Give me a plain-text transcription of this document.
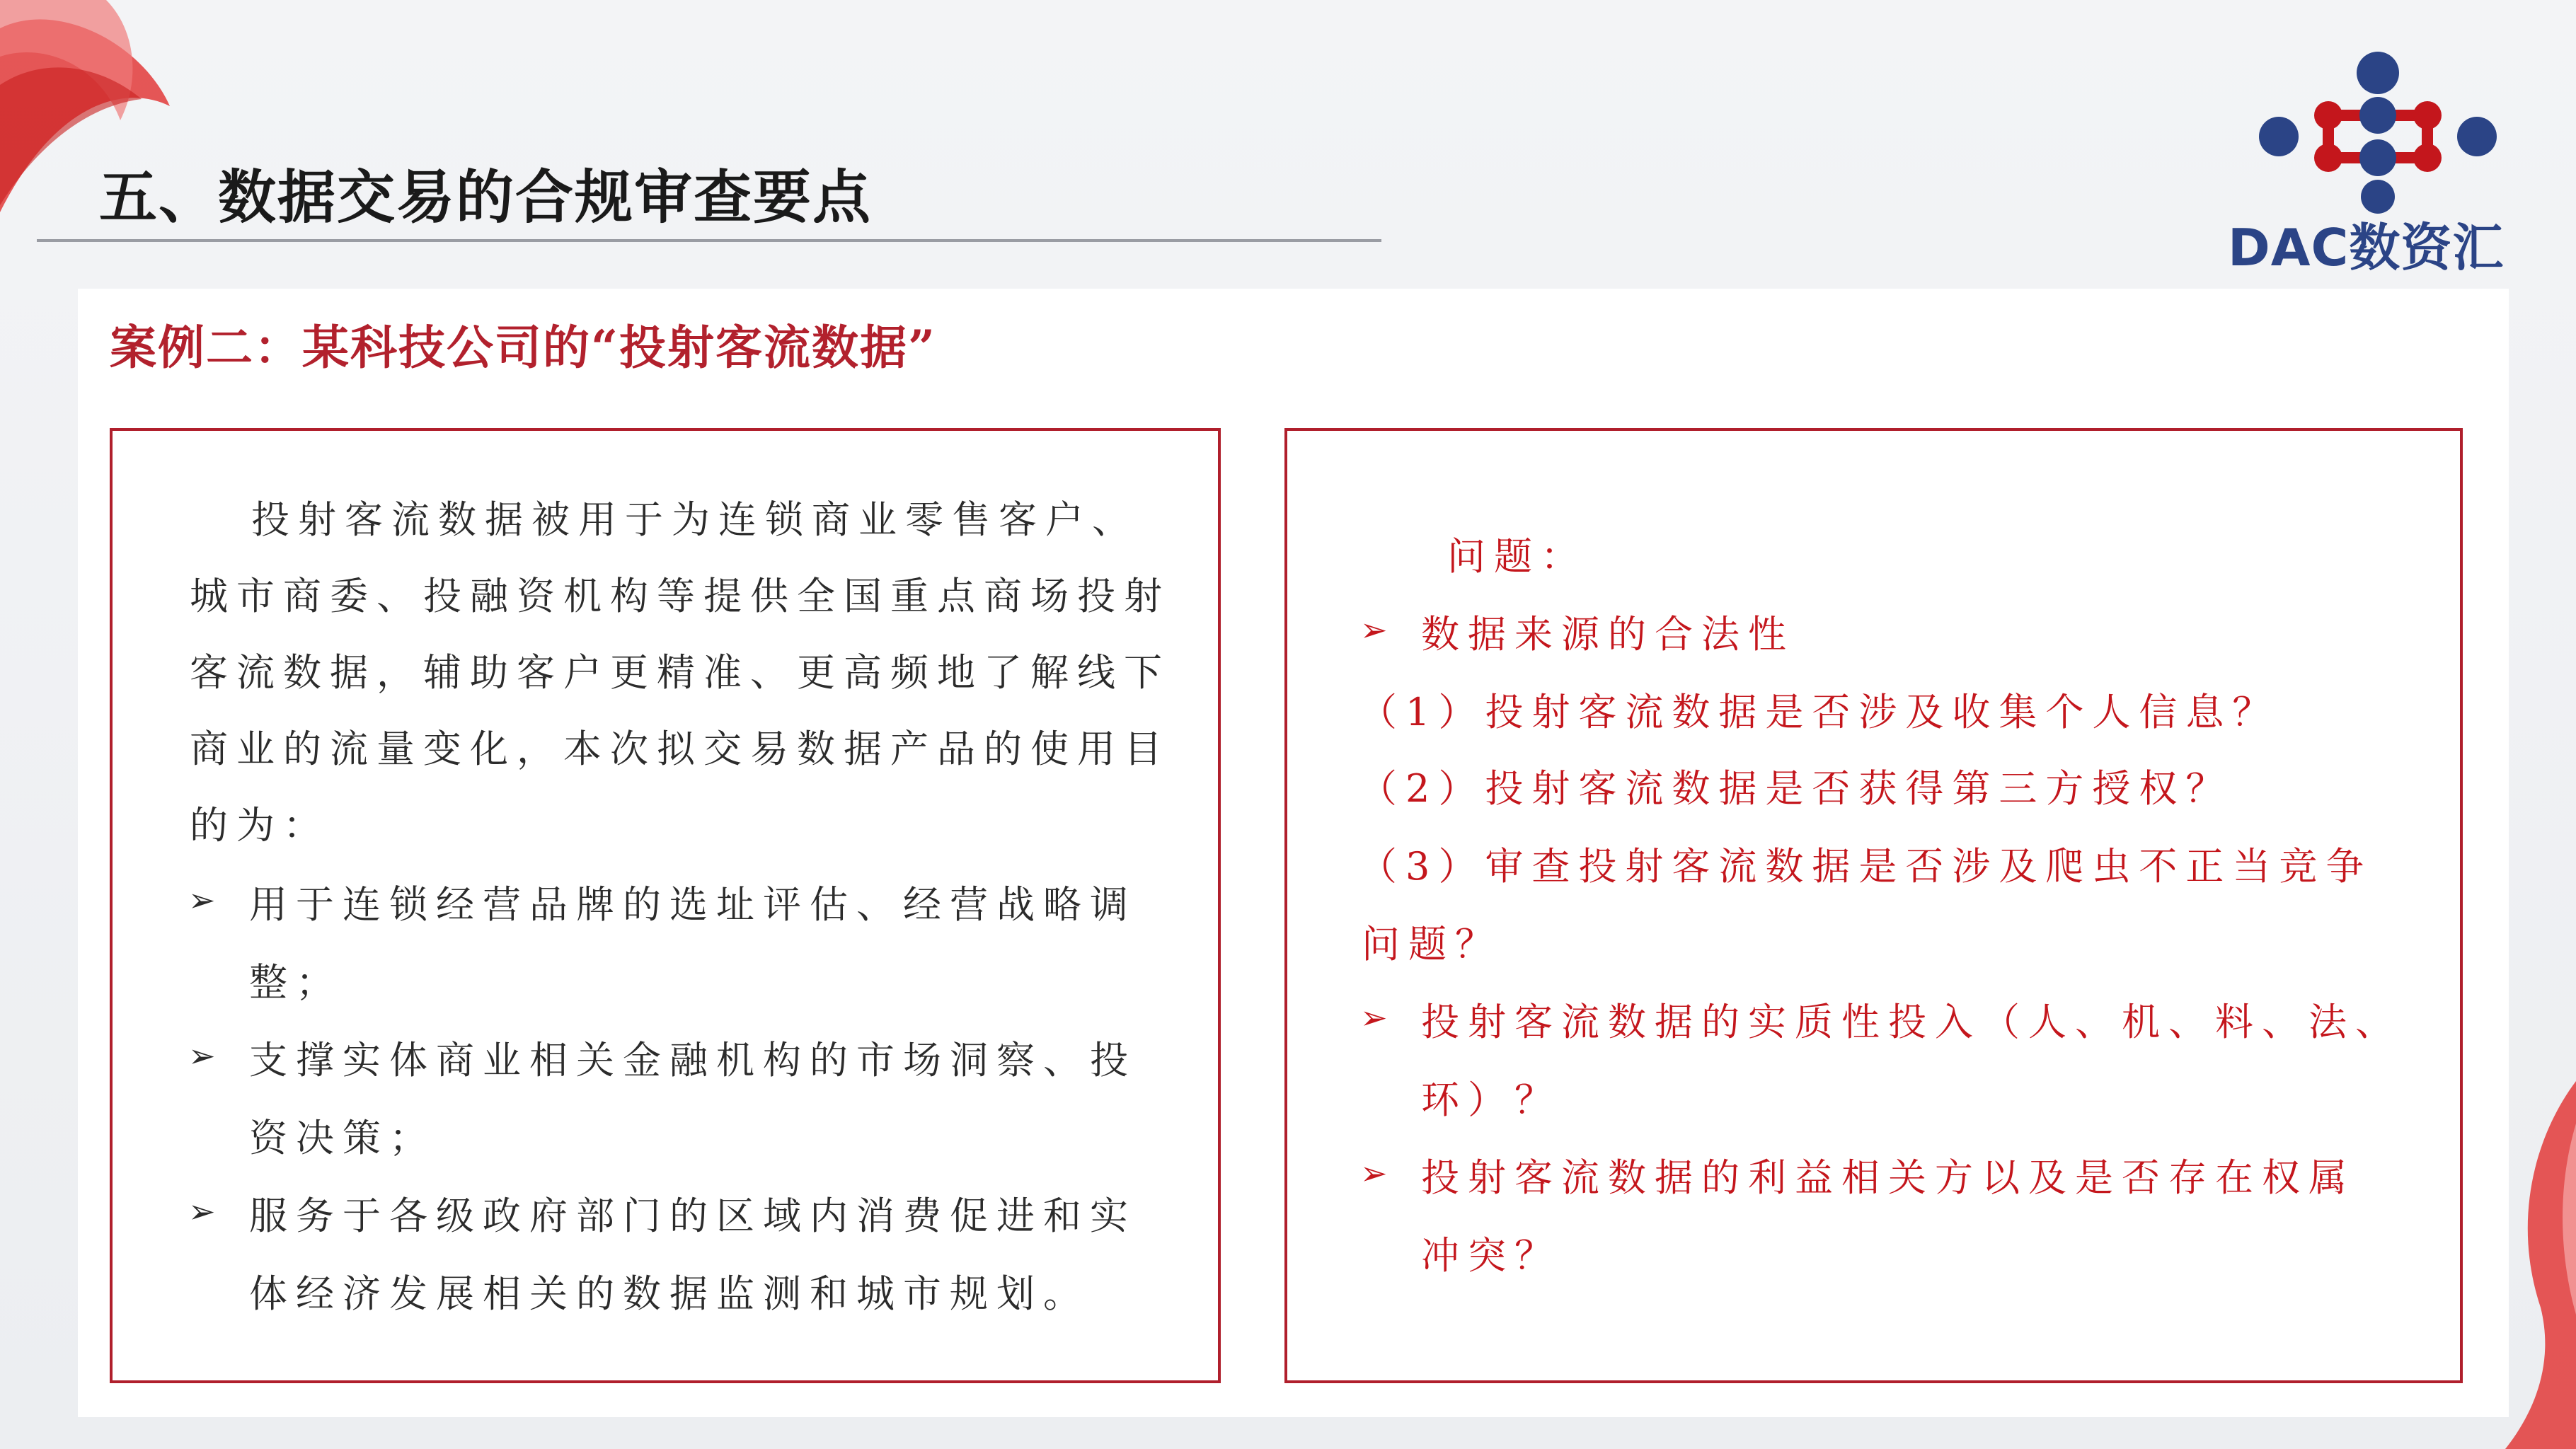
五、数据交易的合规审查要点

DAC数资汇

案例二：某科技公司的“投射客流数据”

投射客流数据被用于为连锁商业零售客户、

城市商委、投融资机构等提供全国重点商场投射

客流数据，辅助客户更精准、更高频地了解线下

商业的流量变化，本次拟交易数据产品的使用目

的为：

➢ 用于连锁经营品牌的选址评估、经营战略调

整；

➢ 支撑实体商业相关金融机构的市场洞察、投

资决策；

➢ 服务于各级政府部门的区域内消费促进和实

体经济发展相关的数据监测和城市规划。

问题：

➢ 数据来源的合法性

（1）投射客流数据是否涉及收集个人信息？

（2）投射客流数据是否获得第三方授权？

（3）审查投射客流数据是否涉及爬虫不正当竞争

问题？

➢ 投射客流数据的实质性投入（人、机、料、法、

环）？

➢ 投射客流数据的利益相关方以及是否存在权属

冲突？
